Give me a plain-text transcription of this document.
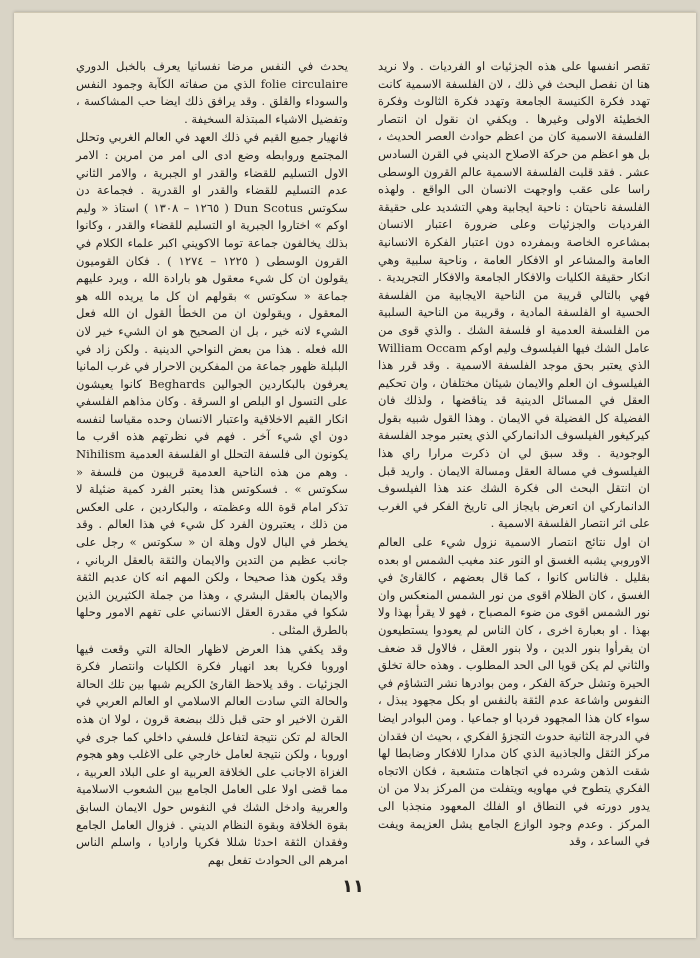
تقصر انفسها على هذه الجزئيات او الفرديات . ولا نريد هنا ان نفصل البحث في ذلك ، لان الفلسفة الاسمية كانت تهدد فكرة الكنيسة الجامعة وتهدد فكرة الثالوث وفكرة الخطيئة الاولى وغيرها . ويكفي ان نقول ان انتصار الفلسفة الاسمية كان من اعظم حوادث العصر الحديث ، بل هو اعظم من حركة الاصلاح الديني في القرن السادس عشر . فقد قلبت الفلسفة الاسمية عالم القرون الوسطى راسا على عقب واوجهت الانسان الى الواقع . ولهذه الفلسفة ناحيتان : ناحية ايجابية وهي التشديد على حقيقة الفرديات والجزئيات وعلى ضرورة اعتبار الانسان بمشاعره الخاصة وبمفرده دون اعتبار الفكرة الانسانية العامة والمشاعر او الافكار العامة ، وناحية سلبية وهي انكار حقيقة الكليات والافكار الجامعة والافكار التجريدية . فهي بالتالي قريبة من الناحية الايجابية من الفلسفة الحسية او الفلسفة المادية ، وقريبة من الناحية السلبية من الفلسفة العدمية او فلسفة الشك . والذي قوى من عامل الشك فيها الفيلسوف وليم اوكم William Occam الذي يعتبر بحق موجد الفلسفة الاسمية . وقد قرر هذا الفيلسوف ان العلم والايمان شيئان مختلفان ، وان تحكيم العقل في المسائل الدينية قد يناقضها ، ولذلك فان الفضيلة كل الفضيلة في الايمان . وهذا القول شبيه بقول كيركيغور الفيلسوف الدانماركي الذي يعتبر موجد الفلسفة الوجودية . وقد سبق لي ان ذكرت مرارا راي هذا الفيلسوف في مسالة العقل ومسالة الايمان . واريد قبل ان انتقل البحث الى فكرة الشك عند هذا الفيلسوف الدانماركي ان اتعرض بايجاز الى تاريخ الفكر في الغرب على اثر انتصار الفلسفة الاسمية .

ان اول نتائج انتصار الاسمية نزول شيء على العالم الاوروبي يشبه الغسق او النور عند مغيب الشمس او بعده بقليل . فالناس كانوا ، كما قال بعضهم ، كالقارئ في الغسق ، كان الظلام اقوى من نور الشمس المنعكس وان نور الشمس اقوى من ضوء المصباح ، فهو لا يقرأ بهذا ولا بهذا . او بعبارة اخرى ، كان الناس لم يعودوا يستطيعون ان يقرأوا بنور الدين ، ولا بنور العقل ، فالاول قد ضعف والثاني لم يكن قويا الى الحد المطلوب . وهذه حالة تخلق الحيرة وتشل حركة الفكر ، ومن بوادرها نشر التشاؤم في النفوس واشاعة عدم الثقة بالنفس او بكل مجهود يبذل ، سواء كان هذا المجهود فرديا او جماعيا . ومن البوادر ايضا في الدرجة الثانية حدوث التجزؤ الفكري ، بحيث ان فقدان مركز الثقل والجاذبية الذي كان مدارا للافكار وضابطا لها شقت الذهن وشرده في اتجاهات متشعبة ، فكان الاتجاه الفكري يتطوح في مهاويه ويتفلت من المركز بدلا من ان يدور دورته في النطاق او الفلك المعهود منجذبا الى المركز . وعدم وجود الوازع الجامع يشل العزيمة ويفت في الساعد ، وقد

يحدث في النفس مرضا نفسانيا يعرف بالخبل الدوري folie circulaire الذي من صفاته الكآبة وجمود النفس والسوداء والقلق . وقد يرافق ذلك ايضا حب المشاكسة ، وتفضيل الاشياء المبتذلة السخيفة .

فانهيار جميع القيم في ذلك العهد في العالم الغربي وتحلل المجتمع وروابطه وضع ادى الى امر من امرين : الامر الاول التسليم للقضاء والقدر او الجبرية ، والامر الثاني عدم التسليم للقضاء والقدر او القدرية . فجماعة دن سكوتس Dun Scotus ( ١٢٦٥ – ١٣٠٨ ) استاذ « وليم اوكم » اختاروا الجبرية او التسليم للقضاء والقدر ، وكانوا بذلك يخالفون جماعة توما الاكويني اكبر علماء الكلام في القرون الوسطى ( ١٢٢٥ – ١٢٧٤ ) . فكان القوميون يقولون ان كل شيء معقول هو بارادة الله ، ويرد عليهم جماعة « سكوتس » بقولهم ان كل ما يريده الله هو المعقول ، ويقولون ان من الخطأ القول ان الله فعل الشيء لانه خير ، بل ان الصحيح هو ان الشيء خير لان الله فعله . هذا من بعض النواحي الدينية . ولكن زاد في البلبلة ظهور جماعة من المفكرين الاحرار في غرب المانيا يعرفون بالبكاردين الجوالين Beghards كانوا يعيشون على التسول او البلص او السرقة . وكان مذاهم الفلسفي انكار القيم الاخلاقية واعتبار الانسان وحده مقياسا لنفسه دون اي شيء آخر . فهم في نظرتهم هذه اقرب ما يكونون الى فلسفة التحلل او الفلسفة العدمية Nihilism . وهم من هذه الناحية العدمية قريبون من فلسفة « سكوتس » . فسكوتس هذا يعتبر الفرد كمية ضئيلة لا تذكر امام قوة الله وعظمته ، والبكاردين ، على العكس من ذلك ، يعتبرون الفرد كل شيء في هذا العالم . وقد يخطر في البال لاول وهلة ان « سكوتس » رجل على جانب عظيم من التدين والايمان والثقة بالعقل الرباني ، وقد يكون هذا صحيحا ، ولكن المهم انه كان عديم الثقة والايمان بالعقل البشري ، وهذا من جملة الكثيرين الذين شكوا في مقدرة العقل الانساني على تفهم الامور وحلها بالطرق المثلى .

وقد يكفي هذا العرض لاظهار الحالة التي وقعت فيها اوروبا فكريا بعد انهيار فكرة الكليات وانتصار فكرة الجزئيات . وقد يلاحظ القارئ الكريم شبها بين تلك الحالة والحالة التي سادت العالم الاسلامي او العالم العربي في القرن الاخير او حتى قبل ذلك ببضعة قرون ، لولا ان هذه الحالة لم تكن نتيجة لتفاعل فلسفي داخلي كما جرى في اوروبا ، ولكن نتيجة لعامل خارجي على الاغلب وهو هجوم الغزاة الاجانب على الخلافة العربية او على البلاد العربية ، مما قضى اولا على العامل الجامع بين الشعوب الاسلامية والعربية وادخل الشك في النفوس حول الايمان السابق بقوة الخلافة وبقوة النظام الديني . فزوال العامل الجامع وفقدان الثقة احدثا شللا فكريا واراديا ، واسلم الناس امرهم الى الحوادث تفعل بهم

١١
